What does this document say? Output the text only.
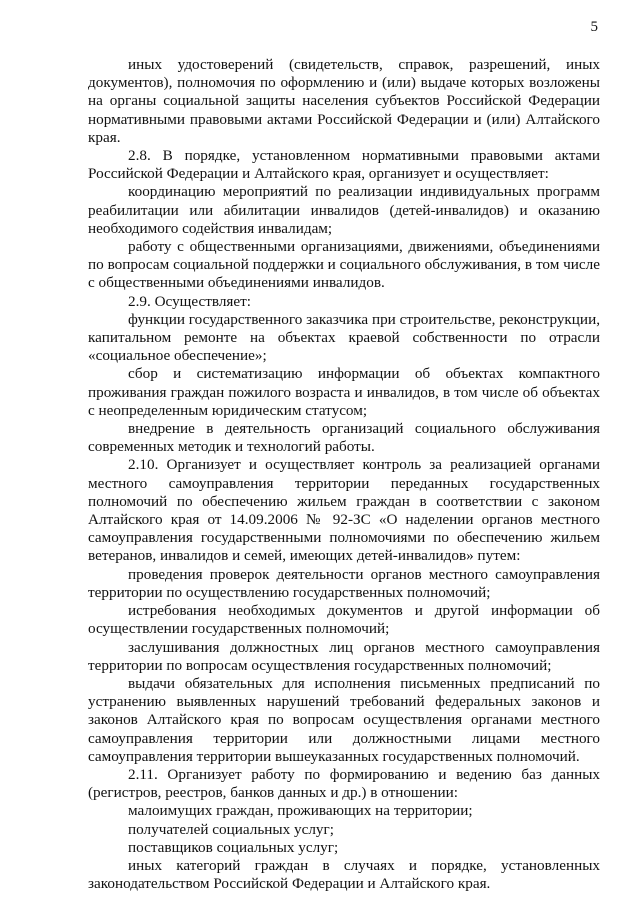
5

иных удостоверений (свидетельств, справок, разрешений, иных документов), полномочия по оформлению и (или) выдаче которых возложены на органы социальной защиты населения субъектов Российской Федерации нормативными правовыми актами Российской Федерации и (или) Алтайского края.

2.8. В порядке, установленном нормативными правовыми актами Российской Федерации и Алтайского края, организует и осуществляет:

координацию мероприятий по реализации индивидуальных программ реабилитации или абилитации инвалидов (детей-инвалидов) и оказанию необходимого содействия инвалидам;

работу с общественными организациями, движениями, объединениями по вопросам социальной поддержки и социального обслуживания, в том числе с общественными объединениями инвалидов.

2.9. Осуществляет:

функции государственного заказчика при строительстве, реконструкции, капитальном ремонте на объектах краевой собственности по отрасли «социальное обеспечение»;

сбор и систематизацию информации об объектах компактного проживания граждан пожилого возраста и инвалидов, в том числе об объектах с неопределенным юридическим статусом;

внедрение в деятельность организаций социального обслуживания современных методик и технологий работы.

2.10. Организует и осуществляет контроль за реализацией органами местного самоуправления территории переданных государственных полномочий по обеспечению жильем граждан в соответствии с законом Алтайского края от 14.09.2006 № 92-ЗС «О наделении органов местного самоуправления государственными полномочиями по обеспечению жильем ветеранов, инвалидов и семей, имеющих детей-инвалидов» путем:

проведения проверок деятельности органов местного самоуправления территории по осуществлению государственных полномочий;

истребования необходимых документов и другой информации об осуществлении государственных полномочий;

заслушивания должностных лиц органов местного самоуправления территории по вопросам осуществления государственных полномочий;

выдачи обязательных для исполнения письменных предписаний по устранению выявленных нарушений требований федеральных законов и законов Алтайского края по вопросам осуществления органами местного самоуправления территории или должностными лицами местного самоуправления территории вышеуказанных государственных полномочий.

2.11. Организует работу по формированию и ведению баз данных (регистров, реестров, банков данных и др.) в отношении:

малоимущих граждан, проживающих на территории;

получателей социальных услуг;

поставщиков социальных услуг;

иных категорий граждан в случаях и порядке, установленных законодательством Российской Федерации и Алтайского края.
